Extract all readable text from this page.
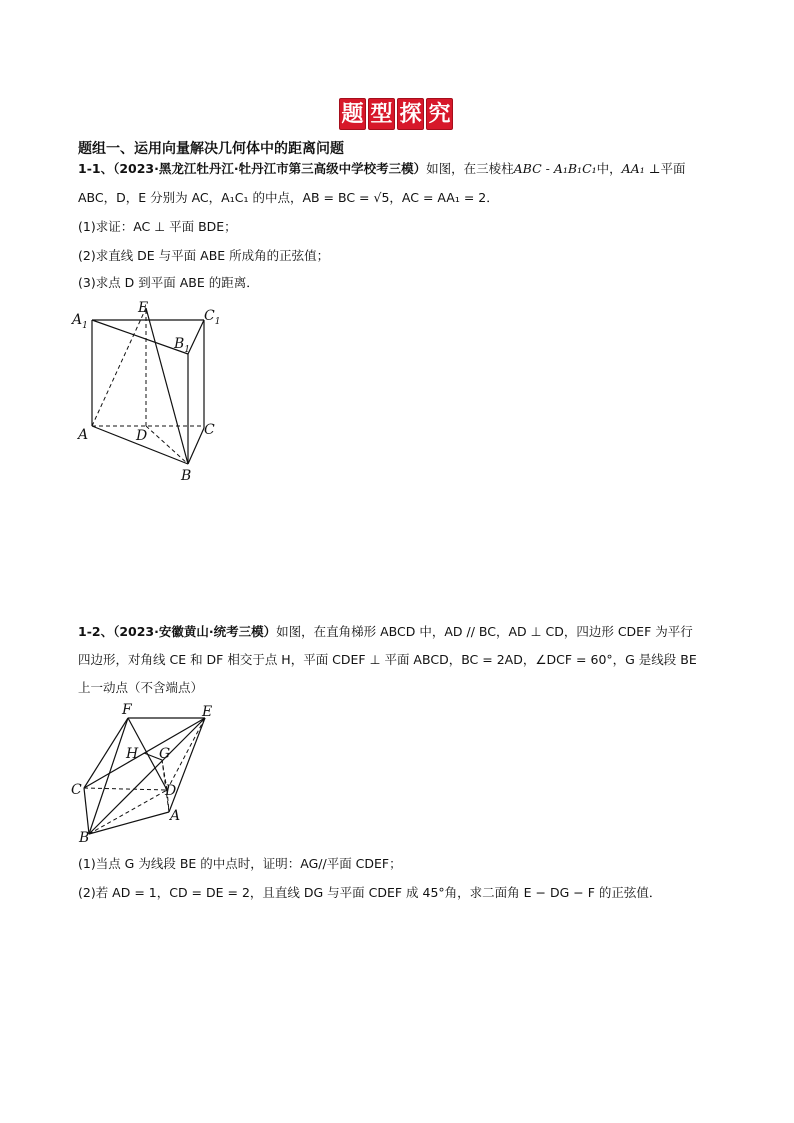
题 型 探 究
题组一、运用向量解决几何体中的距离问题
1-1、（2023·黑龙江牡丹江·牡丹江市第三高级中学校考三模）如图，在三棱柱ABC - A₁B₁C₁中，AA₁ ⊥平面
ABC，D，E 分别为 AC，A₁C₁ 的中点，AB = BC = √5，AC = AA₁ = 2．
(1)求证：AC ⊥ 平面 BDE；
(2)求直线 DE 与平面 ABE 所成角的正弦值；
(3)求点 D 到平面 ABE 的距离．
$A_1$
E	$C_1$
$B_1$
A	D	C
B
1-2、（2023·安徽黄山·统考三模）如图，在直角梯形 ABCD 中，AD // BC，AD ⊥ CD，四边形 CDEF 为平行
四边形，对角线 CE 和 DF 相交于点 H，平面 CDEF ⊥ 平面 ABCD，BC = 2AD，∠DCF = 60°，G 是线段 BE
上一动点（不含端点）
F	E
H G
C	D
A
B
(1)当点 G 为线段 BE 的中点时，证明：AG//平面 CDEF；
(2)若 AD = 1，CD = DE = 2，且直线 DG 与平面 CDEF 成 45°角，求二面角 E − DG − F 的正弦值．
